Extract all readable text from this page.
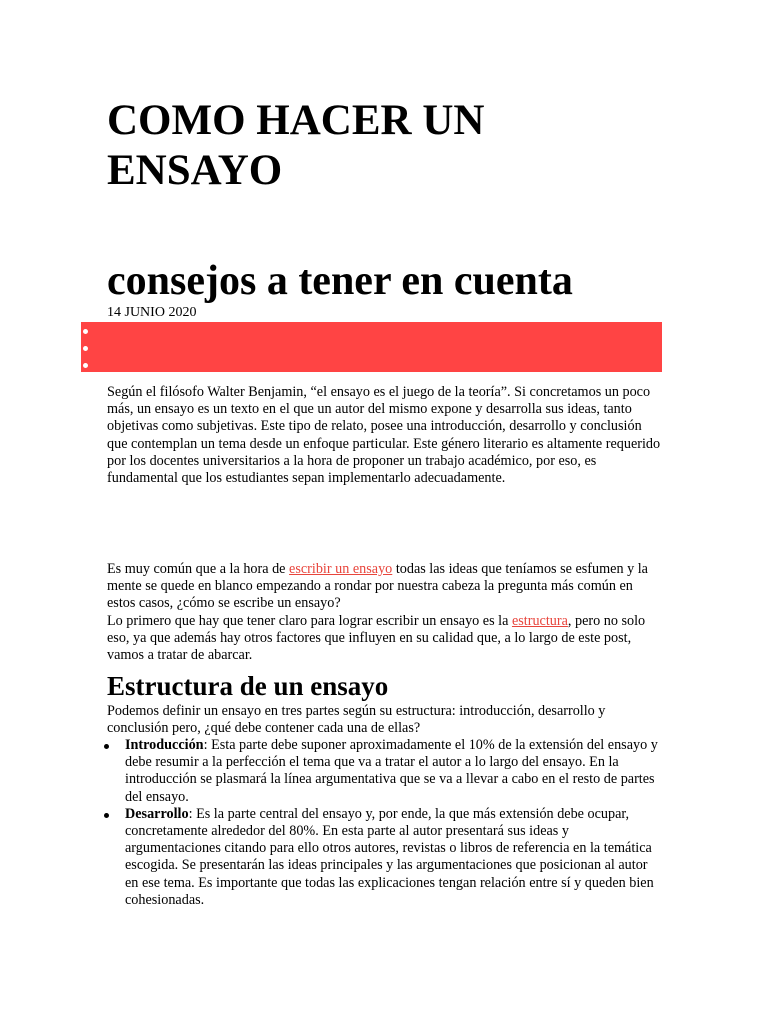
COMO HACER UN ENSAYO
consejos a tener en cuenta
14 JUNIO 2020

Según el filósofo Walter Benjamin, “el ensayo es el juego de la teoría”. Si concretamos un poco más, un ensayo es un texto en el que un autor del mismo expone y desarrolla sus ideas, tanto objetivas como subjetivas. Este tipo de relato, posee una introducción, desarrollo y conclusión que contemplan un tema desde un enfoque particular. Este género literario es altamente requerido por los docentes universitarios a la hora de proponer un trabajo académico, por eso, es fundamental que los estudiantes sepan implementarlo adecuadamente.

Es muy común que a la hora de escribir un ensayo todas las ideas que teníamos se esfumen y la mente se quede en blanco empezando a rondar por nuestra cabeza la pregunta más común en estos casos, ¿cómo se escribe un ensayo?

Lo primero que hay que tener claro para lograr escribir un ensayo es la estructura, pero no solo eso, ya que además hay otros factores que influyen en su calidad que, a lo largo de este post, vamos a tratar de abarcar.

Estructura de un ensayo

Podemos definir un ensayo en tres partes según su estructura: introducción, desarrollo y conclusión pero, ¿qué debe contener cada una de ellas?

Introducción: Esta parte debe suponer aproximadamente el 10% de la extensión del ensayo y debe resumir a la perfección el tema que va a tratar el autor a lo largo del ensayo. En la introducción se plasmará la línea argumentativa que se va a llevar a cabo en el resto de partes del ensayo.
Desarrollo: Es la parte central del ensayo y, por ende, la que más extensión debe ocupar, concretamente alrededor del 80%. En esta parte al autor presentará sus ideas y argumentaciones citando para ello otros autores, revistas o libros de referencia en la temática escogida. Se presentarán las ideas principales y las argumentaciones que posicionan al autor en ese tema. Es importante que todas las explicaciones tengan relación entre sí y queden bien cohesionadas.
